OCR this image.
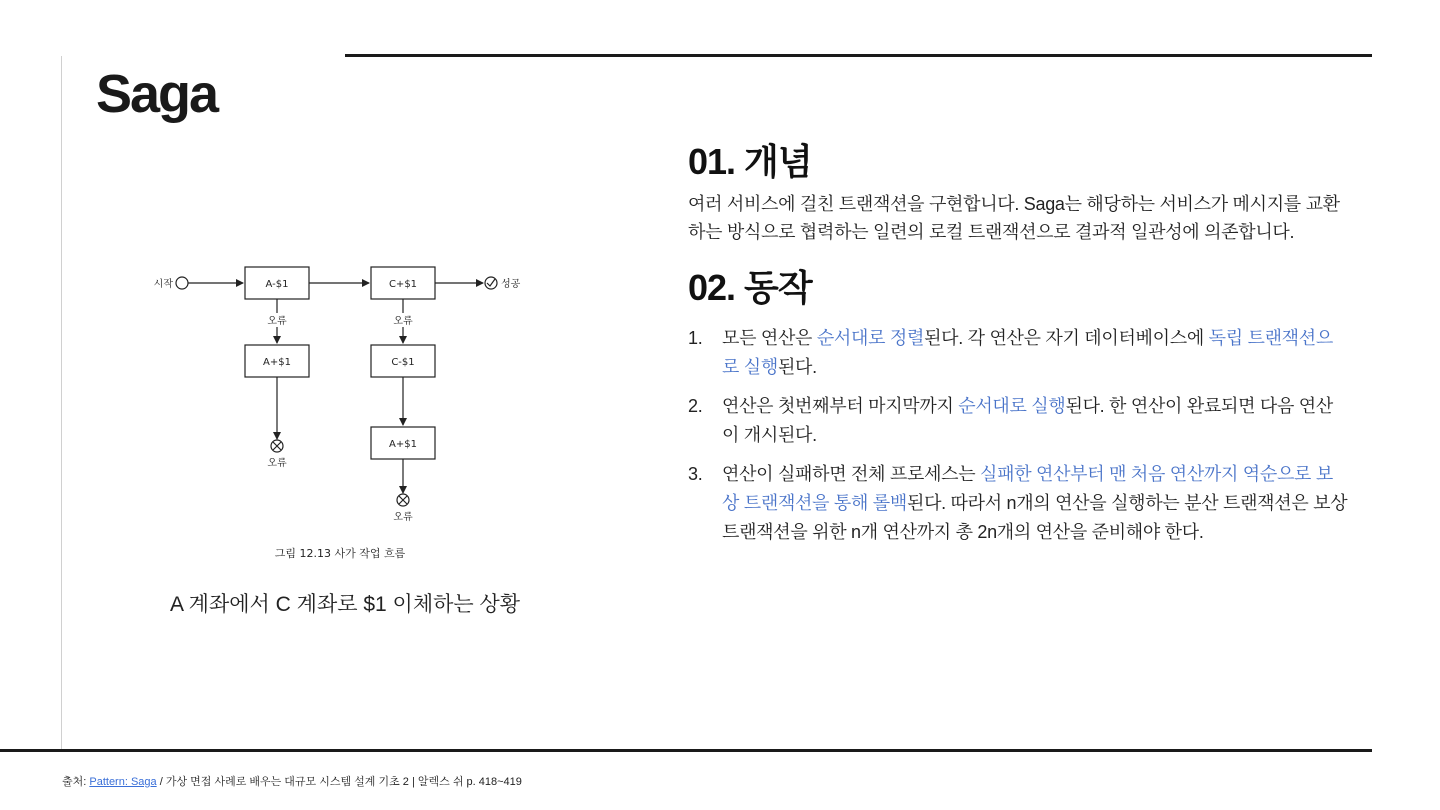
Saga
시작	A-$1	C+$1	성공
오류	오류
A+$1	C-$1
오류
A+$1
오류
그림 12.13 사가 작업 흐름

A 계좌에서 C 계좌로 $1 이체하는 상황

01. 개념

여러 서비스에 걸친 트랜잭션을 구현합니다. Saga는 해당하는 서비스가 메시지를 교환하는 방식으로 협력하는 일련의 로컬 트랜잭션으로 결과적 일관성에 의존합니다.

02. 동작
1. 모든 연산은 순서대로 정렬된다. 각 연산은 자기 데이터베이스에 독립 트랜잭션으로 실행된다.
2. 연산은 첫번째부터 마지막까지 순서대로 실행된다. 한 연산이 완료되면 다음 연산이 개시된다.
3. 연산이 실패하면 전체 프로세스는 실패한 연산부터 맨 처음 연산까지 역순으로 보상 트랜잭션을 통해 롤백된다. 따라서 n개의 연산을 실행하는 분산 트랜잭션은 보상 트랜잭션을 위한 n개 연산까지 총 2n개의 연산을 준비해야 한다.
출처: Pattern: Saga / 가상 면접 사례로 배우는 대규모 시스템 설계 기초 2 | 알렉스 쉬 p. 418~419
